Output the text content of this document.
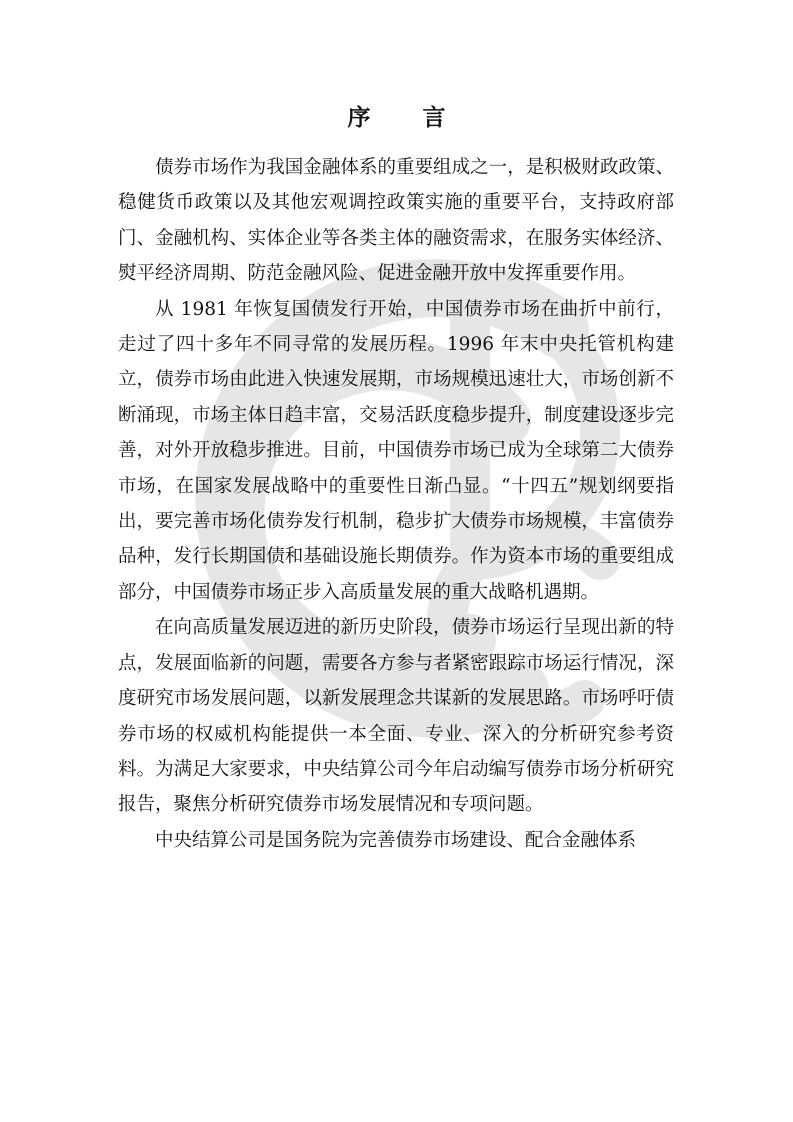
序 言

债券市场作为我国金融体系的重要组成之一，是积极财政政策、稳健货币政策以及其他宏观调控政策实施的重要平台，支持政府部门、金融机构、实体企业等各类主体的融资需求，在服务实体经济、熨平经济周期、防范金融风险、促进金融开放中发挥重要作用。

从 1981 年恢复国债发行开始，中国债券市场在曲折中前行，走过了四十多年不同寻常的发展历程。1996 年末中央托管机构建立，债券市场由此进入快速发展期，市场规模迅速壮大，市场创新不断涌现，市场主体日趋丰富，交易活跃度稳步提升，制度建设逐步完善，对外开放稳步推进。目前，中国债券市场已成为全球第二大债券市场，在国家发展战略中的重要性日渐凸显。“十四五”规划纲要指出，要完善市场化债券发行机制，稳步扩大债券市场规模，丰富债券品种，发行长期国债和基础设施长期债券。作为资本市场的重要组成部分，中国债券市场正步入高质量发展的重大战略机遇期。

在向高质量发展迈进的新历史阶段，债券市场运行呈现出新的特点，发展面临新的问题，需要各方参与者紧密跟踪市场运行情况，深度研究市场发展问题，以新发展理念共谋新的发展思路。市场呼吁债券市场的权威机构能提供一本全面、专业、深入的分析研究参考资料。为满足大家要求，中央结算公司今年启动编写债券市场分析研究报告，聚焦分析研究债券市场发展情况和专项问题。

中央结算公司是国务院为完善债券市场建设、配合金融体系
